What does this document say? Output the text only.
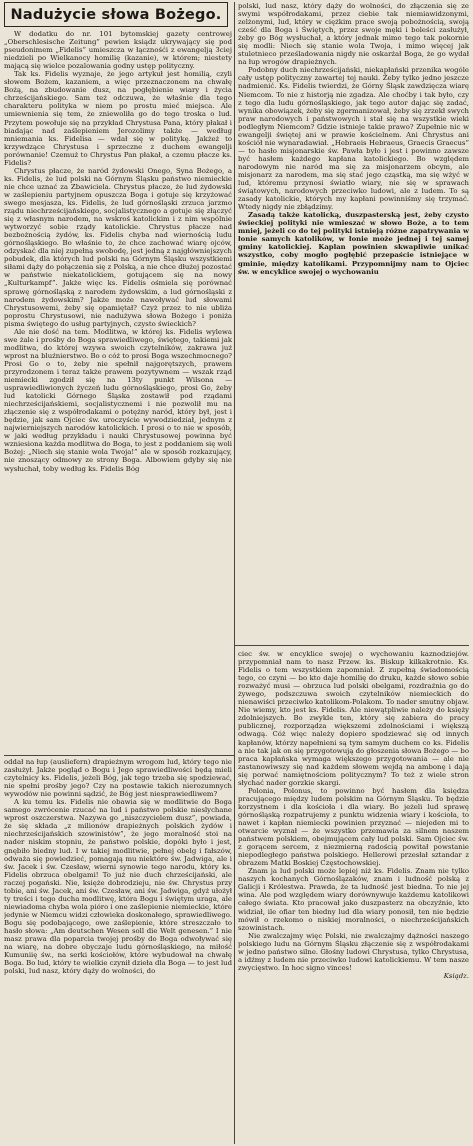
Nadużycie słowa Bożego.

W dodatku do nr. 101 bytomskiej gazety centrowej „Oberschlesische Zeitung” pewien ksiądz ukrywający się pod pseudonimem „Fidelis” umieszcza w łącznośći z ewangelją 3ciej niedzieli po Wielkanocy homilię (kazanie), w którem; niestety mającą się wielce pozalowania godny ustęp polityczny.

Tak ks. Fidelis wyznaje, że jego artykuł jest homilią, czyli słowem Bożem, kazaniem, a więc przeznaczonem na chwałę Bożą, na zbudowanie dusz, na pogłębienie wiary i życia chrześcijańskiego. Sam też odczuwa, że właśnie dla tego charakteru polityka w niem po prostu mieć miejsca. Ale umiewnienia się tem, że zniewoliła go do tego troska o lud. Przytem powołuje się na przykład Chrystusa Pana, który płakał i biadając nad zaślepieniem Jerozolimy także — według mniemania ks. Fidelisa — wdał się w politykę. Jakżeż to krzywdzące Chrystusa i sprzeczne z duchem ewangelji porównanie! Czemuż to Chrystus Pan płakał, a czemu płacze ks. Fidelis?

Chrystus płacze, że naród żydowski Onego, Syna Bożego, a ks. Fidelis, że lud polski na Górnym Śląsku państwo niemieckie nie chce uznać za Zbawiciela. Chrystus płacze, że lud żydowski w zaślepieniu partyjnem opuszcza Boga i gotuje się krzyżować swego mesjasza, ks. Fidelis, że lud górnośląski zrzuca jarzmo rządu niechrześcijańskiego, socjalistycznego a gotuje się złączyć się z własnym narodem, na wskroś katolickim i z nim wspólnie wytworzyć sobie rządy katolickie. Chrystus płacze nad bezbożnością żydów, ks. Fidelis chyba nad wiernością ludu górnośląskiego. Bo właśnie to, że chce zachować wiarę ojców, odzyskać dla niej zupełną swobodę, jest jedną z najgłówniejszych pobudek, dla których lud polski na Górnym Śląsku wszystkiemi siłami dąży do połączenia się z Polską, a nie chce dłużej pozostać w państwie niekatolickiem, gotującem się na nowy „Kulturkampf”. Jakże więc ks. Fidelis ośmiela się porównać sprawę górnośląską z narodem żydowskim, a lud górnośląski z narodem żydowskim? Jakże może nawoływać lud słowami Chrystusowemi, żeby się opamiętał? Czyż przez to nie ubliża poprostu Chrystusowi, nie nadużywa słowa Bożego i poniża pisma świętego do usług partyjnych, czysto świeckich?

Ale nie dość na tem. Modlitwa, w której ks. Fidelis wylewa swe żale i prośby do Boga sprawiedliwego, świętego, takiemi jak modlitwa, do której wzywa swoich czytelników, zakrawa już wprost na bluźnierstwo. Bo o cóż to prosi Boga wszechmocnego? Prosi Go o to, żeby nie spełnił najgorętszych, prawem przyrodzonem i teraz także prawem pozytywnem — wszak rząd niemiecki zgodził się na 13ty punkt Wilsona — usprawiedliwionych życzeń ludu górnośląskiego, prosi Go, żeby lud katolicki Górnego Śląska zostawił pod rządami niechrześcijańskiemi, socjalistycznemi i nie pozwolił mu na złączenie się z współrodakami o potężny naród, który był, jest i będzie, jak sam Ojciec św. uroczyście wywodziedział, jednym z najwierniejszych narodów katolickich. I prosi o to nie w sposób, w jaki według przykładu i nauki Chrystusowej powinna być wzniesiona każda modlitwa do Boga, to jest z poddaniem się woli Bożej: „Niech się stanie wola Twoja!” ale w sposób rozkazujący, nie znoszący odmowy ze strony Boga. Albowiem gdyby się nie wysłuchał, toby według ks. Fidelis Bóg

polski, lud nasz, który dąży do wolności, do złączenia się ze swymi współrodakami, przez ciebie tak niemiawidzonymi, zelżonymi, lud, który w ciężkim prace swoją pobożnością, swoją cześć dla Boga i Świętych, przez swoje męki i boleści zasłużył, żeby go Bóg wysłuchał, a który jednak mimo tego tak pokornie się modli: Niech się stanie wola Twoja, i mimo więcej jak stuletnieco prześladowania nigdy nie oskarżał Boga, że go wydał na łup wrogów drapieżnych.

Podobny duch niechrześcijański, niekapłański przenika wogóle cały ustęp polityczny zawartej tej nauki. Żeby tylko jedno jeszcze nadmienić. Ks. Fidelis twierdzi, że Górny Śląsk zawdzięcza wiarę Niemcom. To nie z historją nie zgadza. Ale choćby i tak było, czy z tego dla ludu górnośląskiego, jak tego autor dając się zadać, wynika obowiązek, żeby się zgermanizował, żeby się zrzekł swych praw narodowych i państwowych i stał się na wszystkie wieki podległym Niemcom? Gdzie istnieje takie prawo? Zupełnie nic w ewangelji świętej ani w prawie kościelnem. Ani Chrystus ani kościół nie wynaradawiał. „Hebraeis Hebraeus, Graecis Graecus” — to hasło misjonarskie św. Pawła było i jest i powinno zawsze być hasłem każdego kapłana katolickiego. Bo względem narodowym nie naród ma się za misjonarzem obcym, ale misjonarz za narodem, ma się stać jego cząstką, ma się wżyć w lud, któremu przynosi światło wiary, nie się w sprawach świątowych, narodowych przeciwko ludowi, ale z ludem. To są zasady katolickie, których my kapłani powinniśmy się trzymać. Wtedy nigdy nie zbłądzimy.

Zasadą także katolicką, duszpasterską jest, żeby czysto świeckiej polityki nie wmieszać w słowo Boże, a to tem mniej, jeżeli co do tej polityki istnieją różne zapatrywania w łonie samych katolików, w łonie może jednej i tej samej gminy katolickiej. Kaplan powinien skwapliwie unikać wszystko, coby mogło pogłębić przepaście istniejące w gminie, między katolikami. Przypomnijmy nam to Ojciec św. w encyklice swojej o wychowaniu

oddał na łup (ausliefern) drapieżnym wrogom lud, który tego nie zasłużył. Jakże pogląd o Bogu i Jego sprawiedliwości będą mieli czytelnicy ks. Fidelis, jeżeli Bóg, jak tego trzeba się spodziewać, nie spełni prośby jego? Czy na postawie takich nierozumnych wywodów nie powinni sądzić, że Bóg jest niesprawiedliwem?

A ku temu ks. Fidelis nie obawia się w modlitwie do Boga samego zwrócenie rzucać na lud i państwo polskie nieslychane wprost oszczerstwa. Nazywa go „niszczycielem dusz”, powiada, że się składa „z milionów drapieżnych polskich żydów i niechrześcijańskich szowinistów”, że jego moralność stoi na nader niskim stopniu, że państwo polskie, dopóki było i jest, gnębiło biedny lud. I w takiej modlitwie, pełnej obelg i fałszów, odważa się powiedzieć, pomagają mu niektóre św. Jadwiga, ale i św. Jacek i św. Czesław, wierni synowie tego narodu, który ks. Fidelis obrzuca obelgami! To już nie duch chrześcijański, ale raczej pogański. Nie, księże dobrodzieju, nie św. Chrystus przy tobie, ani św. Jacek, ani św. Czesław, ani św. Jadwiga, gdyż ułożył ty treści i tego ducha modlitwę, która Bogu i świętym uraga, ale niewiadoma chyba wola pióro i one zaślepienie niemieckie, które jedynie w Niemcu widzi człowieka doskonałego, sprawiedliwego. Bogu się podobającego, owe zaślepienie, które streszczało to hasło słowa: „Am deutschen Wesen soll die Welt genesen.” I nie masz prawa dla poparcia twojej prośby do Boga odwoływać się na wiarę, na dobre obyczaje ludu górnośląskiego, na miłość Kumuniię św., na serki kościołów, które wybudował na chwałę Boga. Bo lud, który te wielkie czynił dzieła dla Boga — to jest lud polski, lud nasz, który dąży do wolności, do

ciec św. w encyklice swojej o wychowaniu kaznodziejów. przypomniał nam to nasz Przew. ks. Biskup kilkakrotnie. Ks. Fidelis o tem wszystkiem zapomniał. Z zupełną świadomością tego, co czyni — bo kto daje homilię do druku, każde słowo sobie rozważyć musi — obrzuca lud polski obelgami, rozdraźnia go do żywego, podszczuwa swoich czytelników niemieckich do nienawiści przeciwko katolikom-Polakom. To nader smutny objaw. Nie wiemy, kto jest ks. Fidelis. Ale niewątpliwie należy do księży zdolniejszych. Bo zwykle ten, który się zabiera do pracy publicznej, rozporządza większemi zdolnościami i większą odwagą. Cóż więc należy dopiero spodziewać się od innych kapłanów, którzy napełnieni są tym samym duchem co ks. Fidelis a nie tak jak on się przygotowują do głoszenia słowa Bożego — bo praca kapłańska wymaga większego przygotowania — ale nie zastanowiwszy się nad każdem słowem wejdą na ambonę i dają się porwać namiętnościom politycznym? To też z wiele stron słychać nader gorzkie skargi.

Polonia, Polonus, to powinno być hasłem dla księdza pracującego między ludem polskim na Górnym Śląsku. To będzie korzystnem i dla kościoła i dla wiary. Bo jeżeli lud sprawę górnośląską rozpatrujemy z punktu widzenia wiary i kościoła, to nawet i kapłan niemiecki powinien przyznać — niejeden mi to otwarcie wyznał — że wszystko przemawia za silnem naszem państwem polskiem, obejmującem cały lud polski. Sam Ojciec św. z gorącem sercem, z niezmierną radością powitał powstanie niepodległego państwa polskiego. Hellerowi przesłał sztandar z obrazem Matki Boskiej Częstochowskiej.

Znam ja lud polski może lepiej niż ks. Fidelis. Znam nie tylko naszych kochanych Górnoślązaków, znam i ludność polską z Galicji i Królestwa. Prawda, że ta ludność jest biedna. To nie jej wina. Ale pod względem wiary dorównywuje każdemu katolikowi całego świata. Kto pracował jako duszpasterz na obczyźnie, kto widział, ile ofiar ten biedny lud dla wiary ponosił, ten nie będzie mówił o rzekomo o niskiej moralności, o niechrześcijańskich szowinistach.

Nie zwalczajmy więc Polski, nie zwalczajmy dążności naszego polskiego ludu na Górnym Śląsku złączenie się z współrodakami w jedno państwo silne. Głośny ludowi Chrystusa, tylko Chrystusa, a idźmy z ludem nie przeciwko ludowi katolickiemu. W tem nasze zwycięstwo. In hoc signo vinces!

Ksiądz.
